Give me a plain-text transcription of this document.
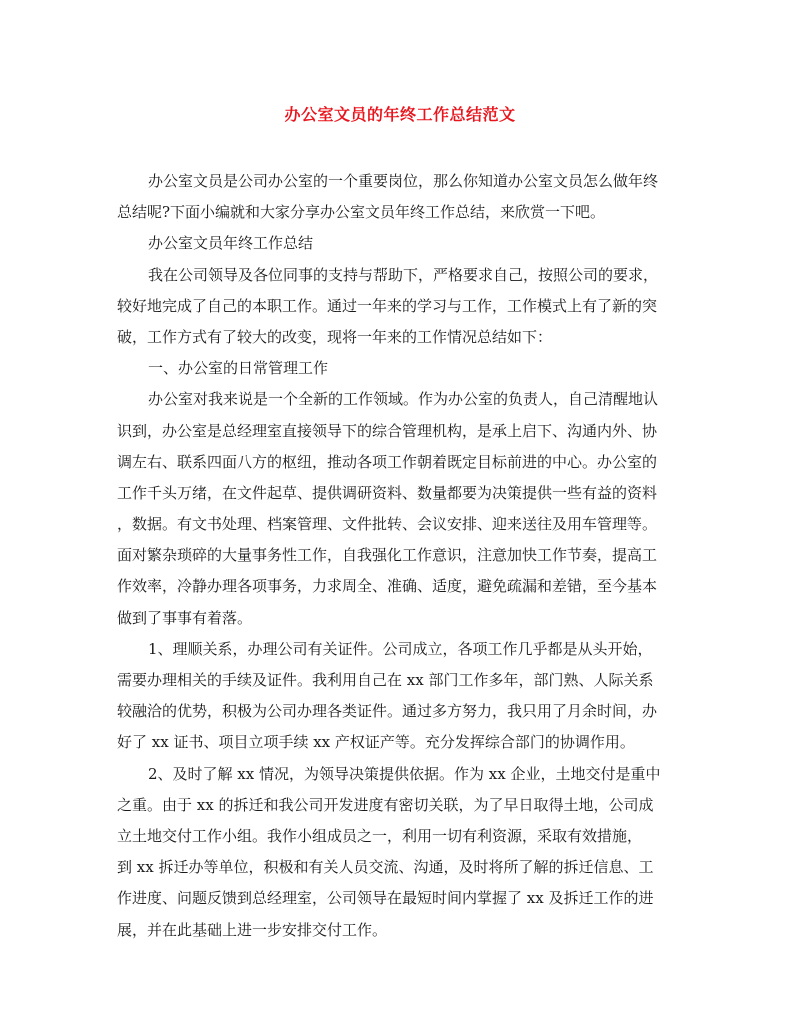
办公室文员的年终工作总结范文
办公室文员是公司办公室的一个重要岗位，那么你知道办公室文员怎么做年终
总结呢?下面小编就和大家分享办公室文员年终工作总结，来欣赏一下吧。
办公室文员年终工作总结
我在公司领导及各位同事的支持与帮助下，严格要求自己，按照公司的要求，
较好地完成了自己的本职工作。通过一年来的学习与工作，工作模式上有了新的突
破，工作方式有了较大的改变，现将一年来的工作情况总结如下：
一、办公室的日常管理工作
办公室对我来说是一个全新的工作领域。作为办公室的负责人，自己清醒地认
识到，办公室是总经理室直接领导下的综合管理机构，是承上启下、沟通内外、协
调左右、联系四面八方的枢纽，推动各项工作朝着既定目标前进的中心。办公室的
工作千头万绪，在文件起草、提供调研资料、数量都要为决策提供一些有益的资料
，数据。有文书处理、档案管理、文件批转、会议安排、迎来送往及用车管理等。
面对繁杂琐碎的大量事务性工作，自我强化工作意识，注意加快工作节奏，提高工
作效率，冷静办理各项事务，力求周全、准确、适度，避免疏漏和差错，至今基本
做到了事事有着落。
1、理顺关系，办理公司有关证件。公司成立，各项工作几乎都是从头开始，
需要办理相关的手续及证件。我利用自己在 xx 部门工作多年，部门熟、人际关系
较融洽的优势，积极为公司办理各类证件。通过多方努力，我只用了月余时间，办
好了 xx 证书、项目立项手续 xx 产权证产等。充分发挥综合部门的协调作用。
2、及时了解 xx 情况，为领导决策提供依据。作为 xx 企业，土地交付是重中
之重。由于 xx 的拆迁和我公司开发进度有密切关联，为了早日取得土地，公司成
立土地交付工作小组。我作小组成员之一，利用一切有利资源，采取有效措施，
到 xx 拆迁办等单位，积极和有关人员交流、沟通，及时将所了解的拆迁信息、工
作进度、问题反馈到总经理室，公司领导在最短时间内掌握了 xx 及拆迁工作的进
展，并在此基础上进一步安排交付工作。
